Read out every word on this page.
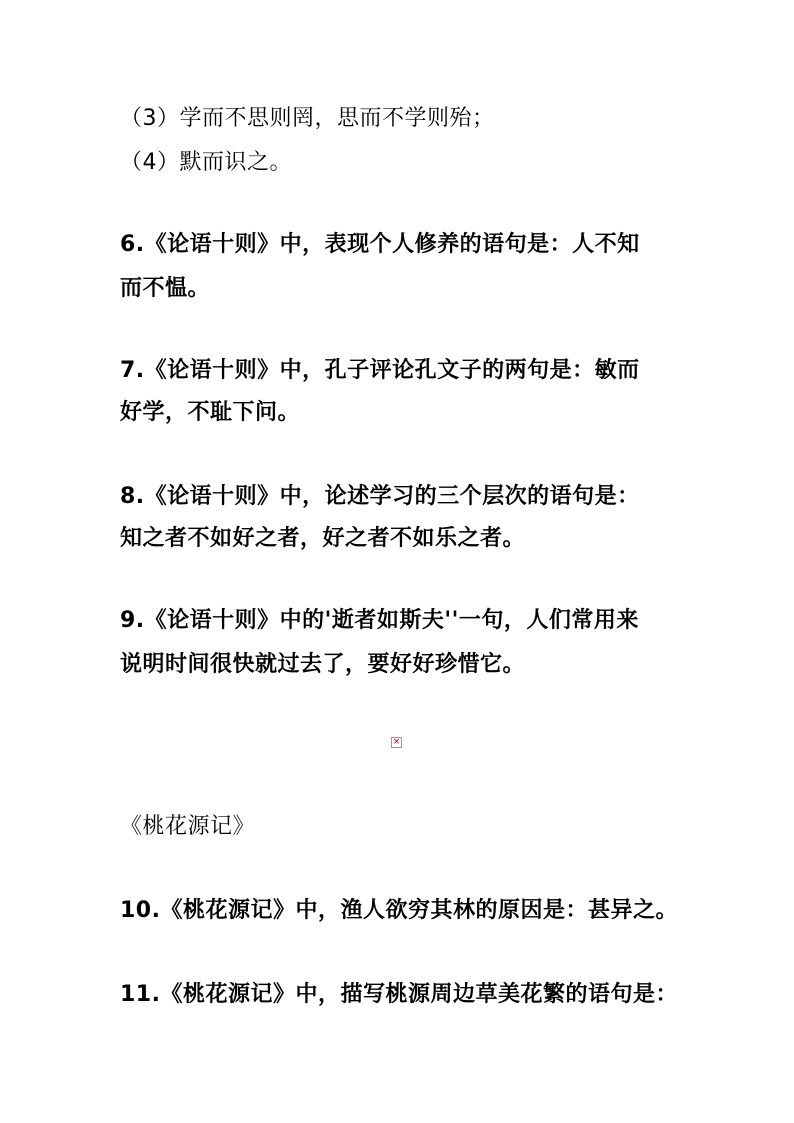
（3）学而不思则罔，思而不学则殆；
（4）默而识之。
6.《论语十则》中，表现个人修养的语句是：人不知
而不愠。
7.《论语十则》中，孔子评论孔文子的两句是：敏而
好学，不耻下问。
8.《论语十则》中，论述学习的三个层次的语句是：
知之者不如好之者，好之者不如乐之者。
9.《论语十则》中的'逝者如斯夫''一句，人们常用来
说明时间很快就过去了，要好好珍惜它。
×
《桃花源记》
10.《桃花源记》中，渔人欲穷其林的原因是：甚异之。
11.《桃花源记》中，描写桃源周边草美花繁的语句是：
